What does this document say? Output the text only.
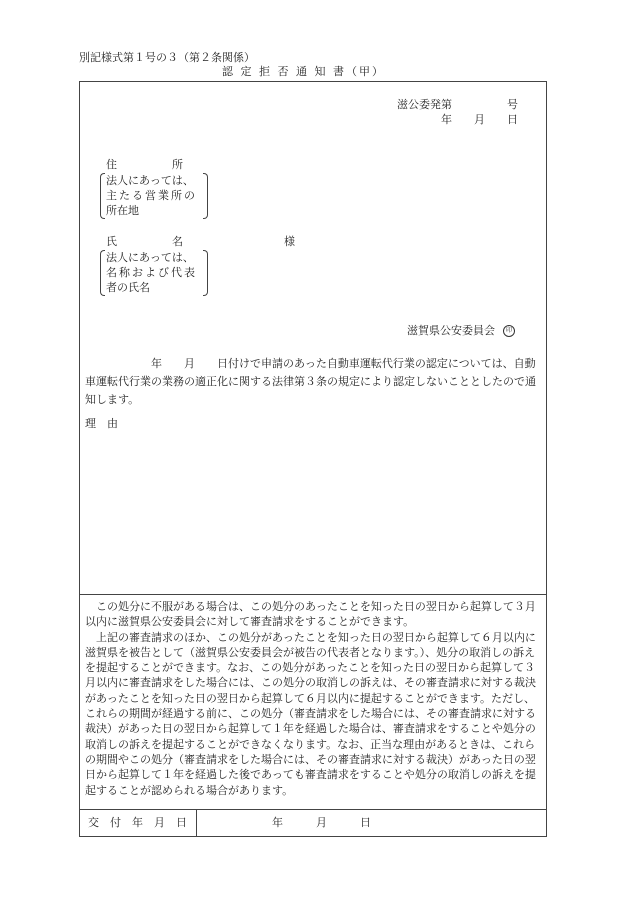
別記様式第１号の３（第２条関係）
認 定 拒 否 通 知 書（甲）
滋公委発第　　　　　号
年　　月　　日
住　　　　　所
法人にあっては、
主たる営業所の
所在地
氏　　　　　名	様
法人にあっては、
名称および代表
者の氏名
滋賀県公安委員会 印
　　　　　　年　　月　　日付けで申請のあった自動車運転代行業の認定については、自動車運転代行業の業務の適正化に関する法律第３条の規定により認定しないこととしたので通知します。
理　由

この処分に不服がある場合は、この処分のあったことを知った日の翌日から起算して３月以内に滋賀県公安委員会に対して審査請求をすることができます。

上記の審査請求のほか、この処分があったことを知った日の翌日から起算して６月以内に滋賀県を被告として（滋賀県公安委員会が被告の代表者となります。）、処分の取消しの訴えを提起することができます。なお、この処分があったことを知った日の翌日から起算して３月以内に審査請求をした場合には、この処分の取消しの訴えは、その審査請求に対する裁決があったことを知った日の翌日から起算して６月以内に提起することができます。ただし、これらの期間が経過する前に、この処分（審査請求をした場合には、その審査請求に対する裁決）があった日の翌日から起算して１年を経過した場合は、審査請求をすることや処分の取消しの訴えを提起することができなくなります。なお、正当な理由があるときは、これらの期間やこの処分（審査請求をした場合には、その審査請求に対する裁決）があった日の翌日から起算して１年を経過した後であっても審査請求をすることや処分の取消しの訴えを提起することが認められる場合があります。

交　付　年　月　日	年　　　月　　　日
